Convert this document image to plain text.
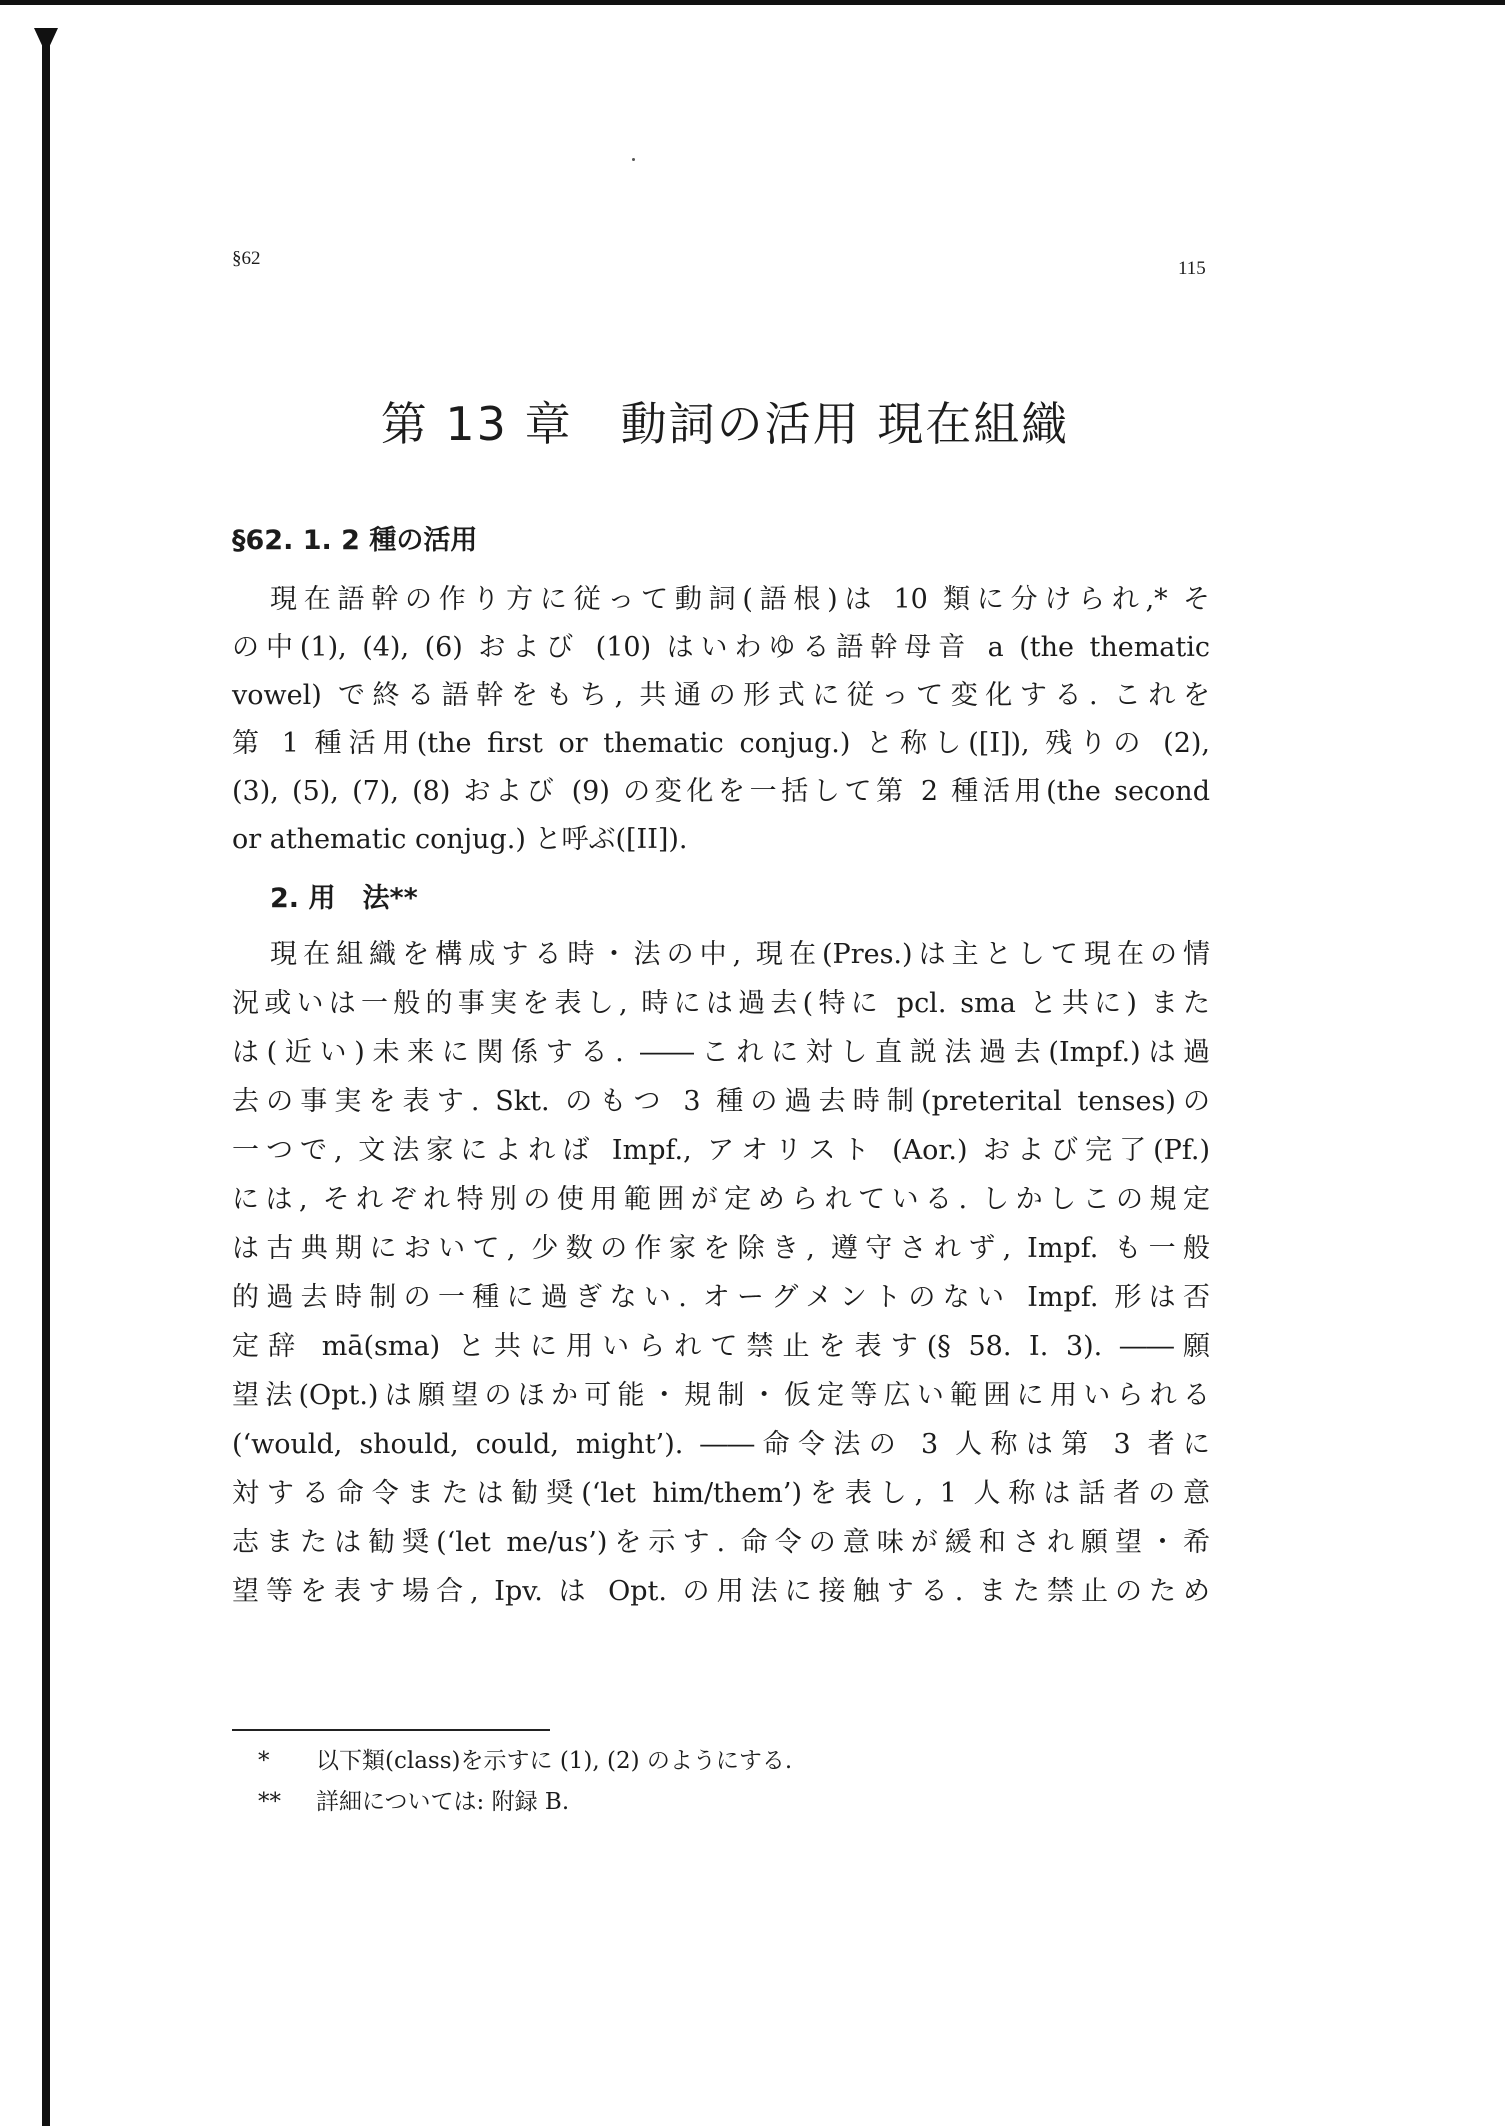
§62	115
第 13 章　動詞の活用 現在組織
§62. 1. 2 種の活用
現在語幹の作り方に従って動詞(語根)は 10 類に分けられ,* そ
の中(1), (4), (6) および (10) はいわゆる語幹母音 a (the thematic
vowel) で終る語幹をもち, 共通の形式に従って変化する. これを
第 1 種活用(the first or thematic conjug.) と称し([I]), 残りの (2),
(3), (5), (7), (8) および (9) の変化を一括して第 2 種活用(the second
or athematic conjug.) と呼ぶ([II]).
2. 用　法**
現在組織を構成する時・法の中, 現在(Pres.)は主として現在の情
況或いは一般的事実を表し, 時には過去(特に pcl. sma と共に) また
は(近い)未来に関係する. ――これに対し直説法過去(Impf.)は過
去の事実を表す. Skt. のもつ 3 種の過去時制(preterital tenses)の
一つで, 文法家によれば Impf., アオリスト (Aor.) および完了(Pf.)
には, それぞれ特別の使用範囲が定められている. しかしこの規定
は古典期において, 少数の作家を除き, 遵守されず, Impf. も一般
的過去時制の一種に過ぎない. オーグメントのない Impf. 形は否
定辞 mā(sma) と共に用いられて禁止を表す(§ 58. I. 3). ――願
望法(Opt.)は願望のほか可能・規制・仮定等広い範囲に用いられる
(‘would, should, could, might’). ――命令法の 3 人称は第 3 者に
対する命令または勧奨(‘let him/them’)を表し, 1 人称は話者の意
志または勧奨(‘let me/us’)を示す. 命令の意味が緩和され願望・希
望等を表す場合, Ipv. は Opt. の用法に接触する. また禁止のため
* 以下類(class)を示すに (1), (2) のようにする.
** 詳細については: 附録 B.
